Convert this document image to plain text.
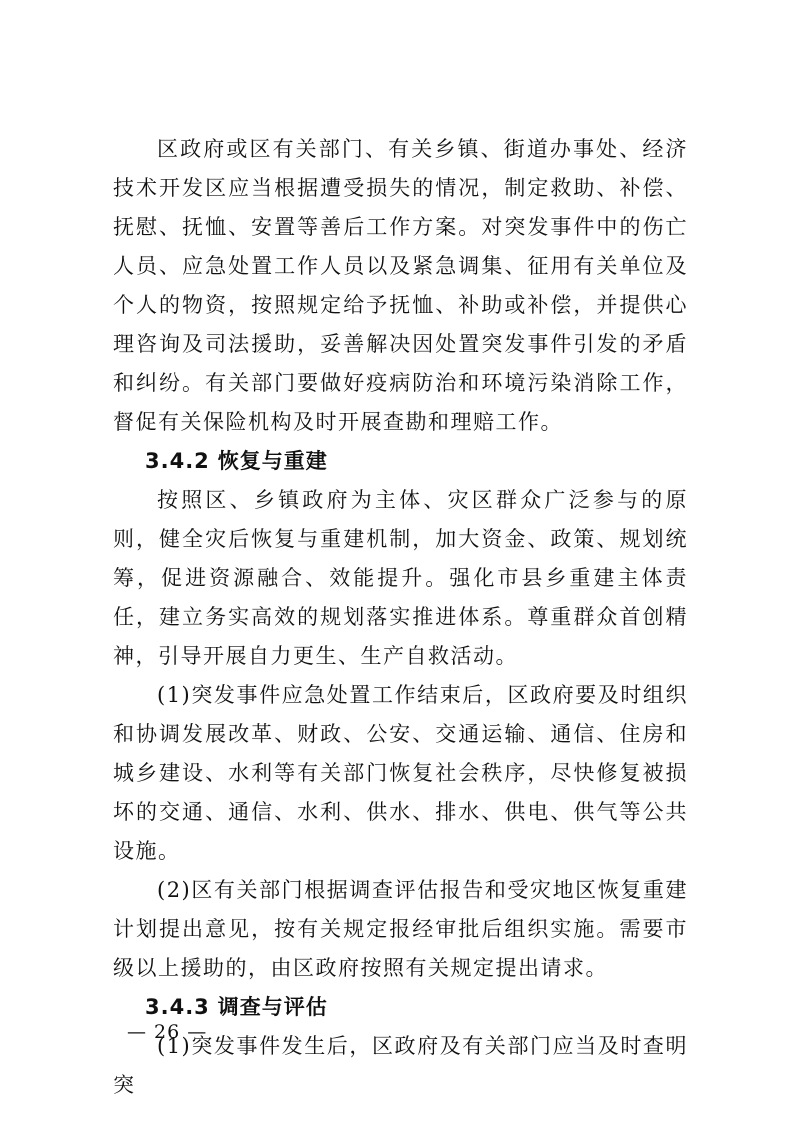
区政府或区有关部门、有关乡镇、街道办事处、经济技术开发区应当根据遭受损失的情况，制定救助、补偿、抚慰、抚恤、安置等善后工作方案。对突发事件中的伤亡人员、应急处置工作人员以及紧急调集、征用有关单位及个人的物资，按照规定给予抚恤、补助或补偿，并提供心理咨询及司法援助，妥善解决因处置突发事件引发的矛盾和纠纷。有关部门要做好疫病防治和环境污染消除工作，督促有关保险机构及时开展查勘和理赔工作。

3.4.2 恢复与重建

按照区、乡镇政府为主体、灾区群众广泛参与的原则，健全灾后恢复与重建机制，加大资金、政策、规划统筹，促进资源融合、效能提升。强化市县乡重建主体责任，建立务实高效的规划落实推进体系。尊重群众首创精神，引导开展自力更生、生产自救活动。

(1)突发事件应急处置工作结束后，区政府要及时组织和协调发展改革、财政、公安、交通运输、通信、住房和城乡建设、水利等有关部门恢复社会秩序，尽快修复被损坏的交通、通信、水利、供水、排水、供电、供气等公共设施。

(2)区有关部门根据调查评估报告和受灾地区恢复重建计划提出意见，按有关规定报经审批后组织实施。需要市级以上援助的，由区政府按照有关规定提出请求。

3.4.3 调查与评估

(1)突发事件发生后，区政府及有关部门应当及时查明突

— 26 —
